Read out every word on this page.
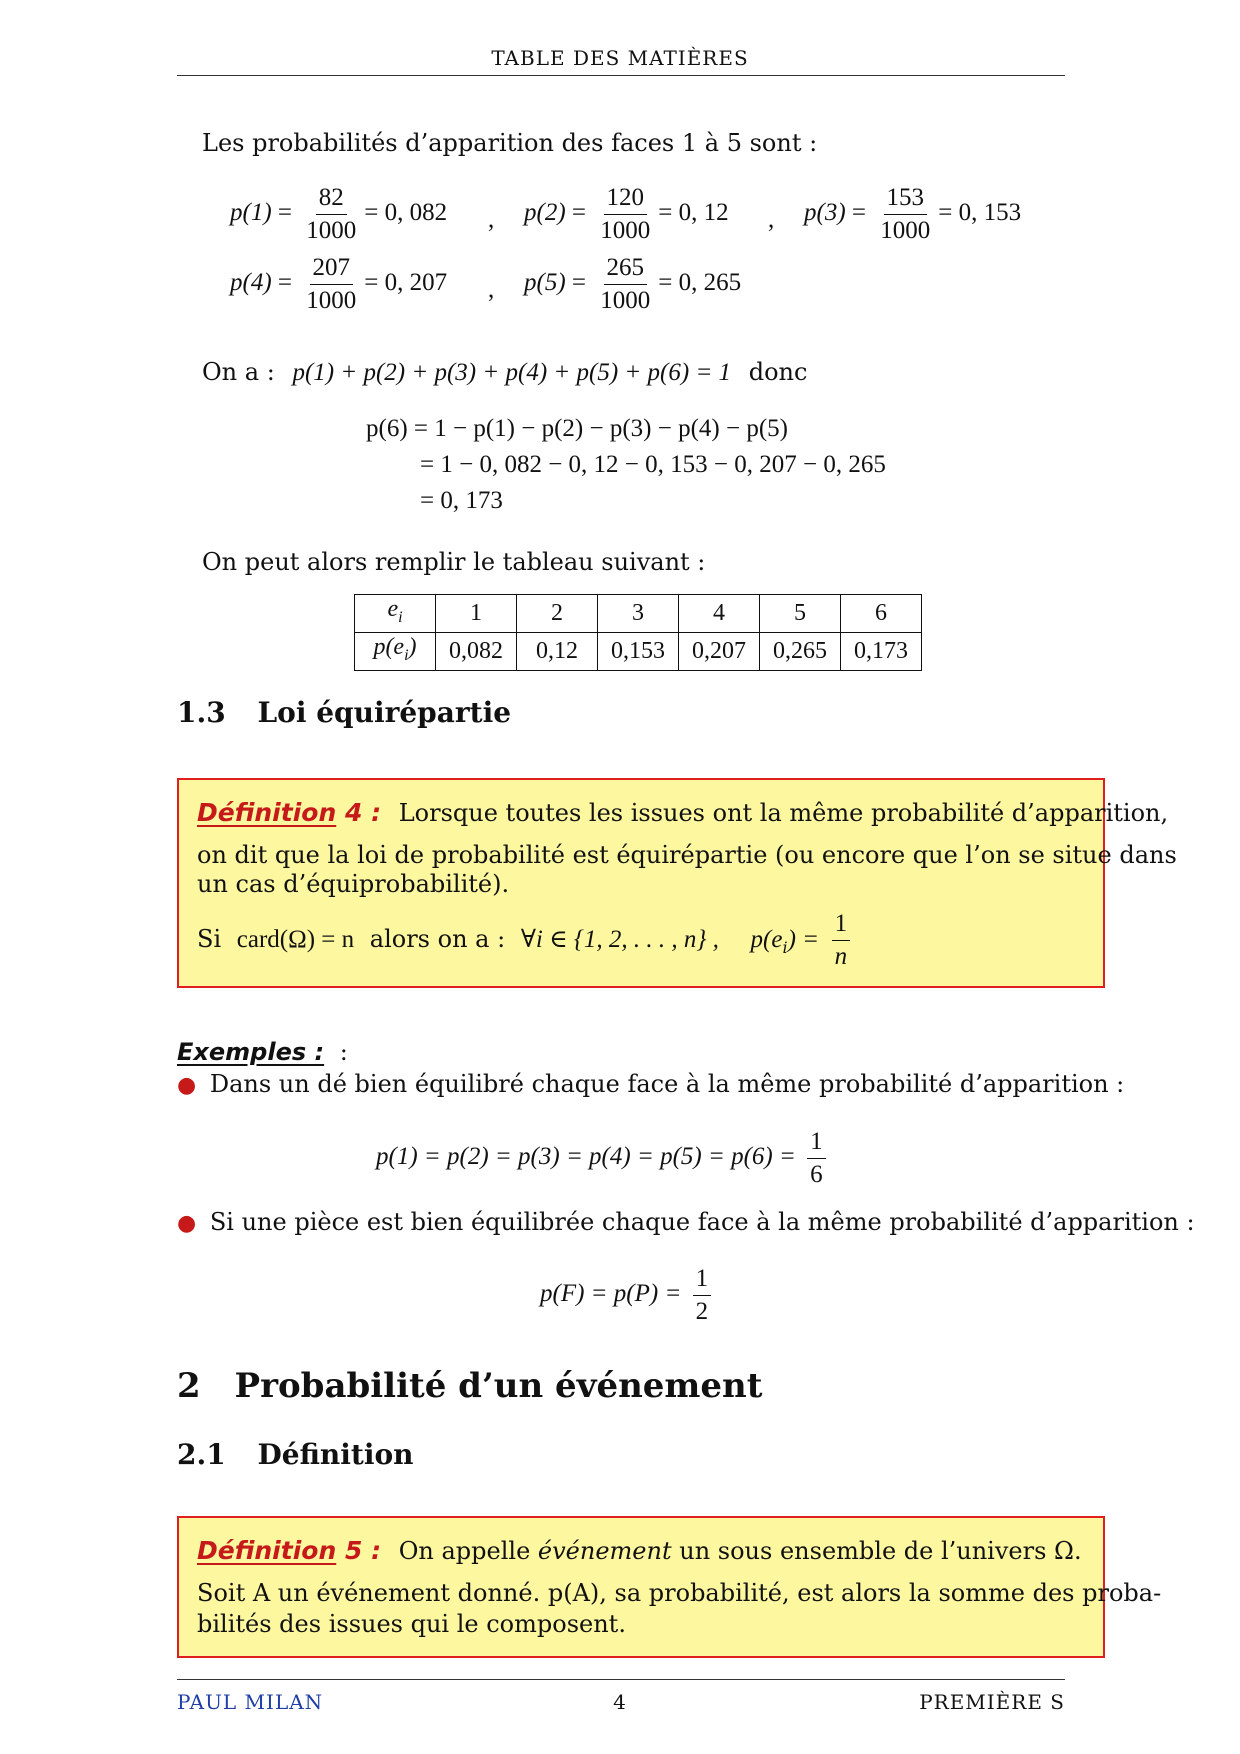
TABLE DES MATIÈRES
Les probabilités d’apparition des faces 1 à 5 sont :
$p(1) = \frac{82}{1000} = 0$, 082 , $p(2) = \frac{120}{1000} = 0$, 12 , $p(3) = \frac{153}{1000} = 0$, 153
$p(4) = \frac{207}{1000} = 0$, 207 , $p(5) = \frac{265}{1000} = 0$, 265
On a : p(1) + p(2) + p(3) + p(4) + p(5) + p(6) = 1 donc
p(6) = 1 − p(1) − p(2) − p(3) − p(4) − p(5)
= 1 − 0, 082 − 0, 12 − 0, 153 − 0, 207 − 0, 265
= 0, 173
On peut alors remplir le tableau suivant :
$e_i$	1	2	3	4	5	6
$p(e_i)$	0,082	0,12	0,153	0,207	0,265	0,173
1.3 Loi équirépartie
Définition 4 : Lorsque toutes les issues ont la même probabilité d’apparition,
on dit que la loi de probabilité est équirépartie (ou encore que l’on se situe dans
un cas d’équiprobabilité).
Si card(Ω) = n alors on a : ∀i ∈ {1, 2, . . . , n} , $p(e_i) = \frac{1}{n}$
Exemples : :
● Dans un dé bien équilibré chaque face à la même probabilité d’apparition :
$p(1) = p(2) = p(3) = p(4) = p(5) = p(6) = \frac{1}{6}$
● Si une pièce est bien équilibrée chaque face à la même probabilité d’apparition :
$p(F) = p(P) = \frac{1}{2}$
2 Probabilité d’un événement
2.1 Définition
Définition 5 : On appelle événement un sous ensemble de l’univers Ω.
Soit A un événement donné. p(A), sa probabilité, est alors la somme des proba-
bilités des issues qui le composent.
PAUL MILAN	4	PREMIÈRE S
